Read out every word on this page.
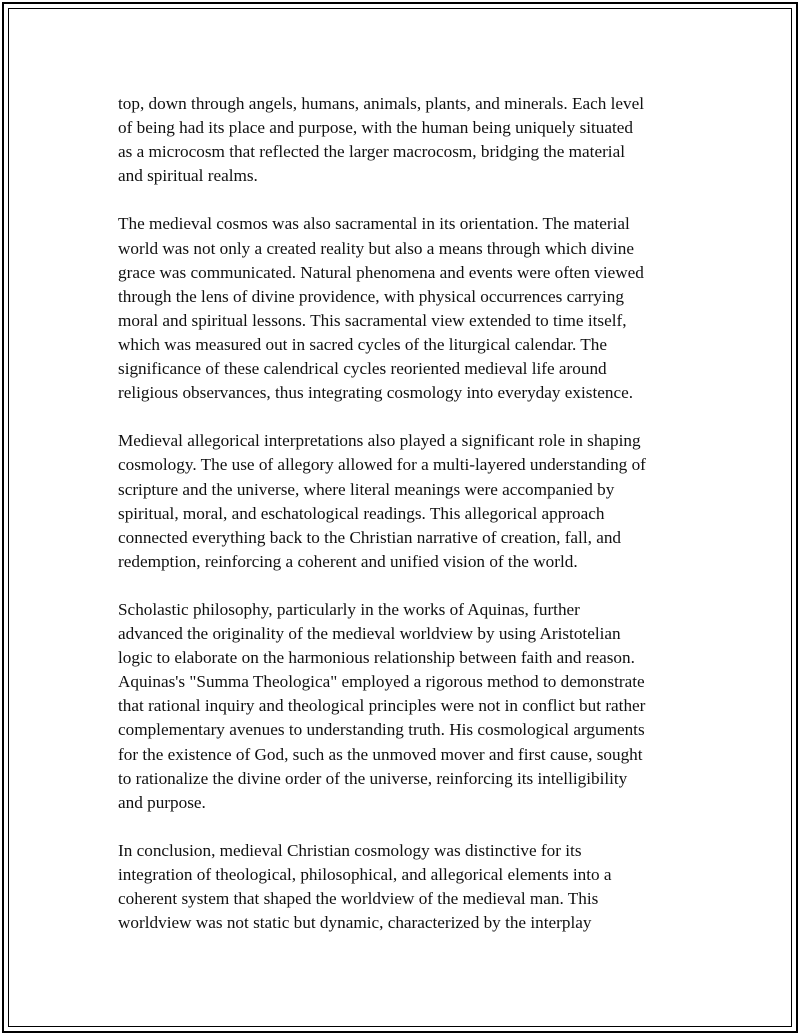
top, down through angels, humans, animals, plants, and minerals. Each level
of being had its place and purpose, with the human being uniquely situated
as a microcosm that reflected the larger macrocosm, bridging the material
and spiritual realms.

The medieval cosmos was also sacramental in its orientation. The material
world was not only a created reality but also a means through which divine
grace was communicated. Natural phenomena and events were often viewed
through the lens of divine providence, with physical occurrences carrying
moral and spiritual lessons. This sacramental view extended to time itself,
which was measured out in sacred cycles of the liturgical calendar. The
significance of these calendrical cycles reoriented medieval life around
religious observances, thus integrating cosmology into everyday existence.

Medieval allegorical interpretations also played a significant role in shaping
cosmology. The use of allegory allowed for a multi-layered understanding of
scripture and the universe, where literal meanings were accompanied by
spiritual, moral, and eschatological readings. This allegorical approach
connected everything back to the Christian narrative of creation, fall, and
redemption, reinforcing a coherent and unified vision of the world.

Scholastic philosophy, particularly in the works of Aquinas, further
advanced the originality of the medieval worldview by using Aristotelian
logic to elaborate on the harmonious relationship between faith and reason.
Aquinas's "Summa Theologica" employed a rigorous method to demonstrate
that rational inquiry and theological principles were not in conflict but rather
complementary avenues to understanding truth. His cosmological arguments
for the existence of God, such as the unmoved mover and first cause, sought
to rationalize the divine order of the universe, reinforcing its intelligibility
and purpose.

In conclusion, medieval Christian cosmology was distinctive for its
integration of theological, philosophical, and allegorical elements into a
coherent system that shaped the worldview of the medieval man. This
worldview was not static but dynamic, characterized by the interplay
